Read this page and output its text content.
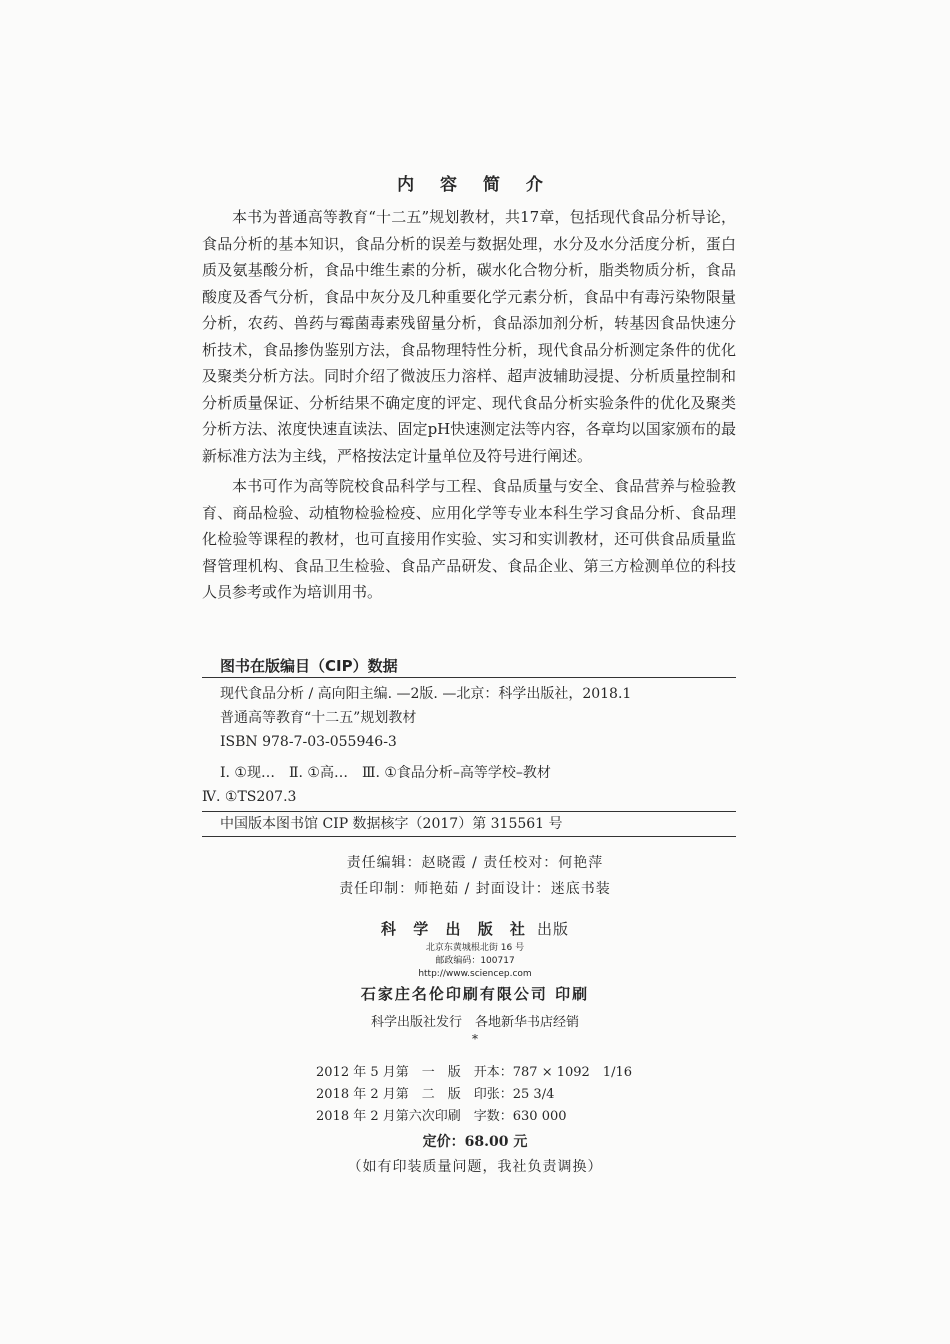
内 容 简 介

本书为普通高等教育“十二五”规划教材，共17章，包括现代食品分析导论，食品分析的基本知识，食品分析的误差与数据处理，水分及水分活度分析，蛋白质及氨基酸分析，食品中维生素的分析，碳水化合物分析，脂类物质分析，食品酸度及香气分析，食品中灰分及几种重要化学元素分析，食品中有毒污染物限量分析，农药、兽药与霉菌毒素残留量分析，食品添加剂分析，转基因食品快速分析技术，食品掺伪鉴别方法，食品物理特性分析，现代食品分析测定条件的优化及聚类分析方法。同时介绍了微波压力溶样、超声波辅助浸提、分析质量控制和分析质量保证、分析结果不确定度的评定、现代食品分析实验条件的优化及聚类分析方法、浓度快速直读法、固定pH快速测定法等内容，各章均以国家颁布的最新标准方法为主线，严格按法定计量单位及符号进行阐述。

本书可作为高等院校食品科学与工程、食品质量与安全、食品营养与检验教育、商品检验、动植物检验检疫、应用化学等专业本科生学习食品分析、食品理化检验等课程的教材，也可直接用作实验、实习和实训教材，还可供食品质量监督管理机构、食品卫生检验、食品产品研发、食品企业、第三方检测单位的科技人员参考或作为培训用书。

图书在版编目（CIP）数据
现代食品分析 / 高向阳主编. —2版. —北京：科学出版社，2018.1
普通高等教育“十二五”规划教材
ISBN 978-7-03-055946-3
Ⅰ. ①现…　Ⅱ. ①高…　Ⅲ. ①食品分析–高等学校–教材
Ⅳ. ①TS207.3
中国版本图书馆 CIP 数据核字（2017）第 315561 号
责任编辑：赵晓霞 / 责任校对：何艳萍
责任印制：师艳茹 / 封面设计：迷底书装
科 学 出 版 社 出版
北京东黄城根北街 16 号
邮政编码：100717
http://www.sciencep.com
石家庄名伦印刷有限公司 印刷
科学出版社发行　各地新华书店经销
*
2012 年 5 月第　一　版　开本：787 × 1092　1/16
2018 年 2 月第　二　版　印张：25 3/4
2018 年 2 月第六次印刷　字数：630 000
定价：68.00 元
（如有印装质量问题，我社负责调换）
